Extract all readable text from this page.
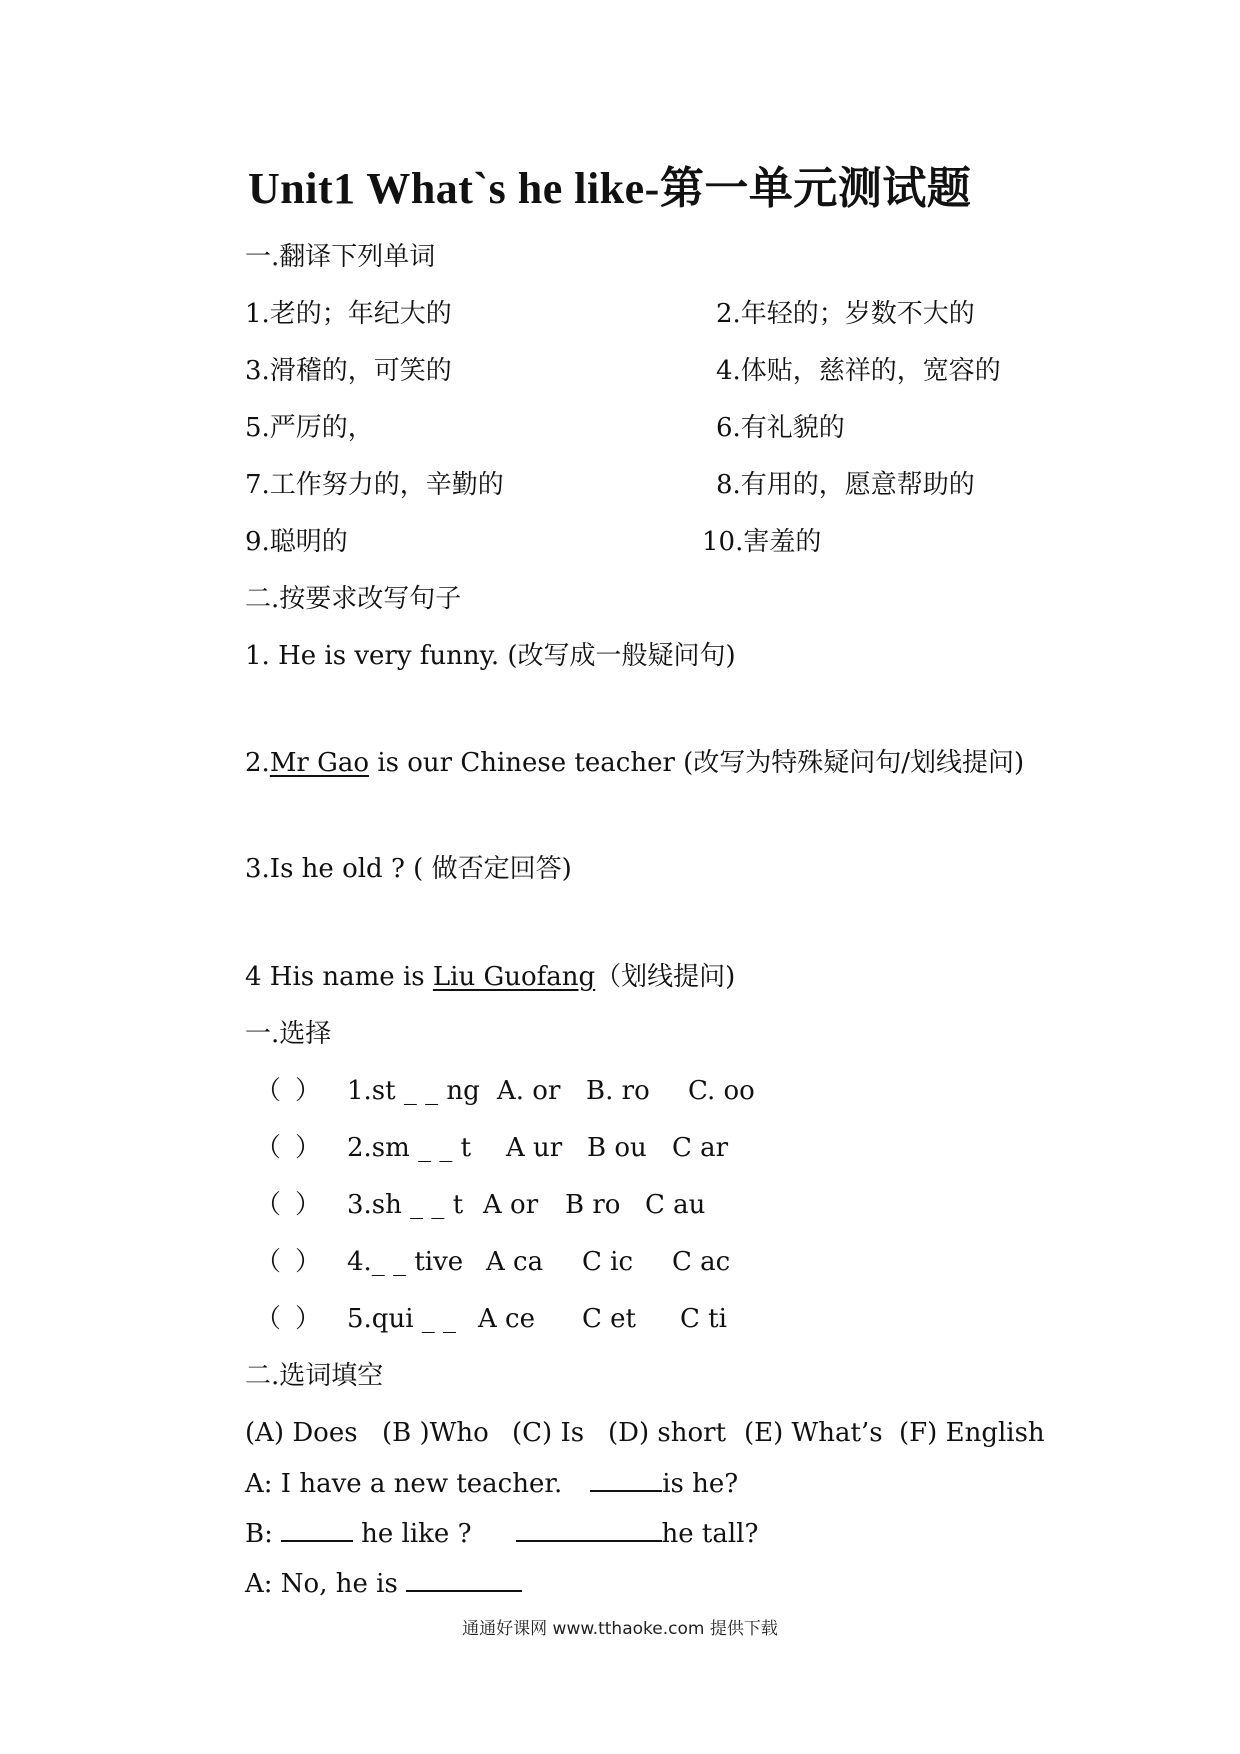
Unit1 What`s he like-第一单元测试题
一.翻译下列单词
1.老的；年纪大的	2.年轻的；岁数不大的
3.滑稽的，可笑的	4.体贴，慈祥的，宽容的
5.严厉的，	6.有礼貌的
7.工作努力的，辛勤的	8.有用的，愿意帮助的
9.聪明的	10.害羞的
二.按要求改写句子
1. He is very funny. (改写成一般疑问句)
2.Mr Gao is our Chinese teacher (改写为特殊疑问句/划线提问)
3.Is he old ? ( 做否定回答)
4 His name is Liu Guofang（划线提问)
一.选择
（ ） 1.st _ _ ng A. or B. ro C. oo
（ ） 2.sm _ _ t A ur B ou C ar
（ ） 3.sh _ _ t A or B ro C au
（ ） 4._ _ tive A ca C ic C ac
（ ） 5.qui _ _ A ce C et C ti
二.选词填空
(A) Does (B )Who (C) Is (D) short (E) What’s (F) English
A: I have a new teacher.	is he?
B:	he like ?	he tall?
A: No, he is
通通好课网 www.tthaoke.com 提供下载
